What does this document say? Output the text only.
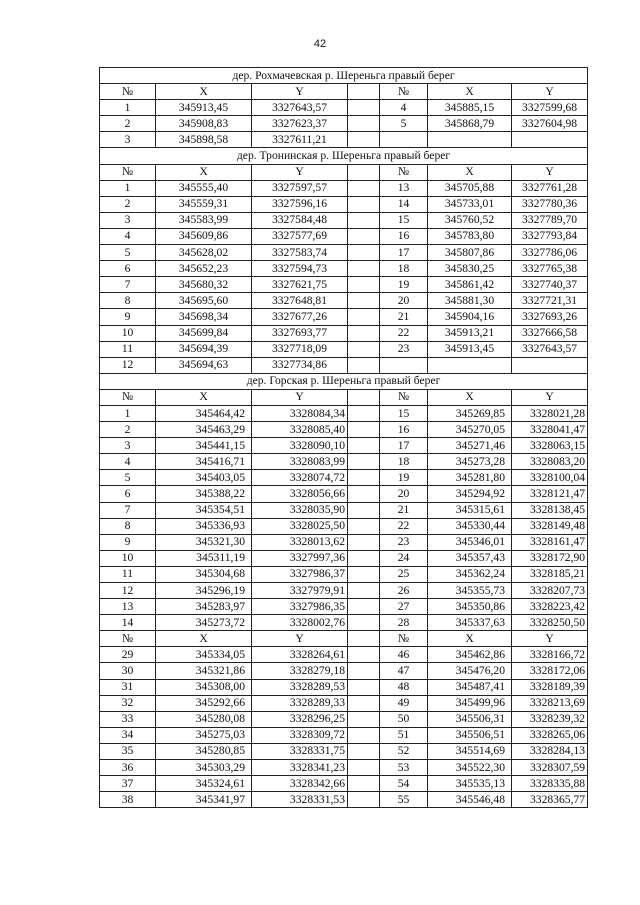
42
дер. Рохмачевская р. Шереньга правый берег						
№	X	Y		№	X	Y
1	345913,45	3327643,57		4	345885,15	3327599,68
2	345908,83	3327623,37		5	345868,79	3327604,98
3	345898,58	3327611,21				
дер. Тронинская р. Шереньга правый берег						
№	X	Y		№	X	Y
1	345555,40	3327597,57		13	345705,88	3327761,28
2	345559,31	3327596,16		14	345733,01	3327780,36
3	345583,99	3327584,48		15	345760,52	3327789,70
4	345609,86	3327577,69		16	345783,80	3327793,84
5	345628,02	3327583,74		17	345807,86	3327786,06
6	345652,23	3327594,73		18	345830,25	3327765,38
7	345680,32	3327621,75		19	345861,42	3327740,37
8	345695,60	3327648,81		20	345881,30	3327721,31
9	345698,34	3327677,26		21	345904,16	3327693,26
10	345699,84	3327693,77		22	345913,21	3327666,58
11	345694,39	3327718,09		23	345913,45	3327643,57
12	345694,63	3327734,86				
дер. Горская р. Шереньга правый берег						
№	X	Y		№	X	Y
1	345464,42	3328084,34		15	345269,85	3328021,28
2	345463,29	3328085,40		16	345270,05	3328041,47
3	345441,15	3328090,10		17	345271,46	3328063,15
4	345416,71	3328083,99		18	345273,28	3328083,20
5	345403,05	3328074,72		19	345281,80	3328100,04
6	345388,22	3328056,66		20	345294,92	3328121,47
7	345354,51	3328035,90		21	345315,61	3328138,45
8	345336,93	3328025,50		22	345330,44	3328149,48
9	345321,30	3328013,62		23	345346,01	3328161,47
10	345311,19	3327997,36		24	345357,43	3328172,90
11	345304,68	3327986,37		25	345362,24	3328185,21
12	345296,19	3327979,91		26	345355,73	3328207,73
13	345283,97	3327986,35		27	345350,86	3328223,42
14	345273,72	3328002,76		28	345337,63	3328250,50
№	X	Y		№	X	Y
29	345334,05	3328264,61		46	345462,86	3328166,72
30	345321,86	3328279,18		47	345476,20	3328172,06
31	345308,00	3328289,53		48	345487,41	3328189,39
32	345292,66	3328289,33		49	345499,96	3328213,69
33	345280,08	3328296,25		50	345506,31	3328239,32
34	345275,03	3328309,72		51	345506,51	3328265,06
35	345280,85	3328331,75		52	345514,69	3328284,13
36	345303,29	3328341,23		53	345522,30	3328307,59
37	345324,61	3328342,66		54	345535,13	3328335,88
38	345341,97	3328331,53		55	345546,48	3328365,77
